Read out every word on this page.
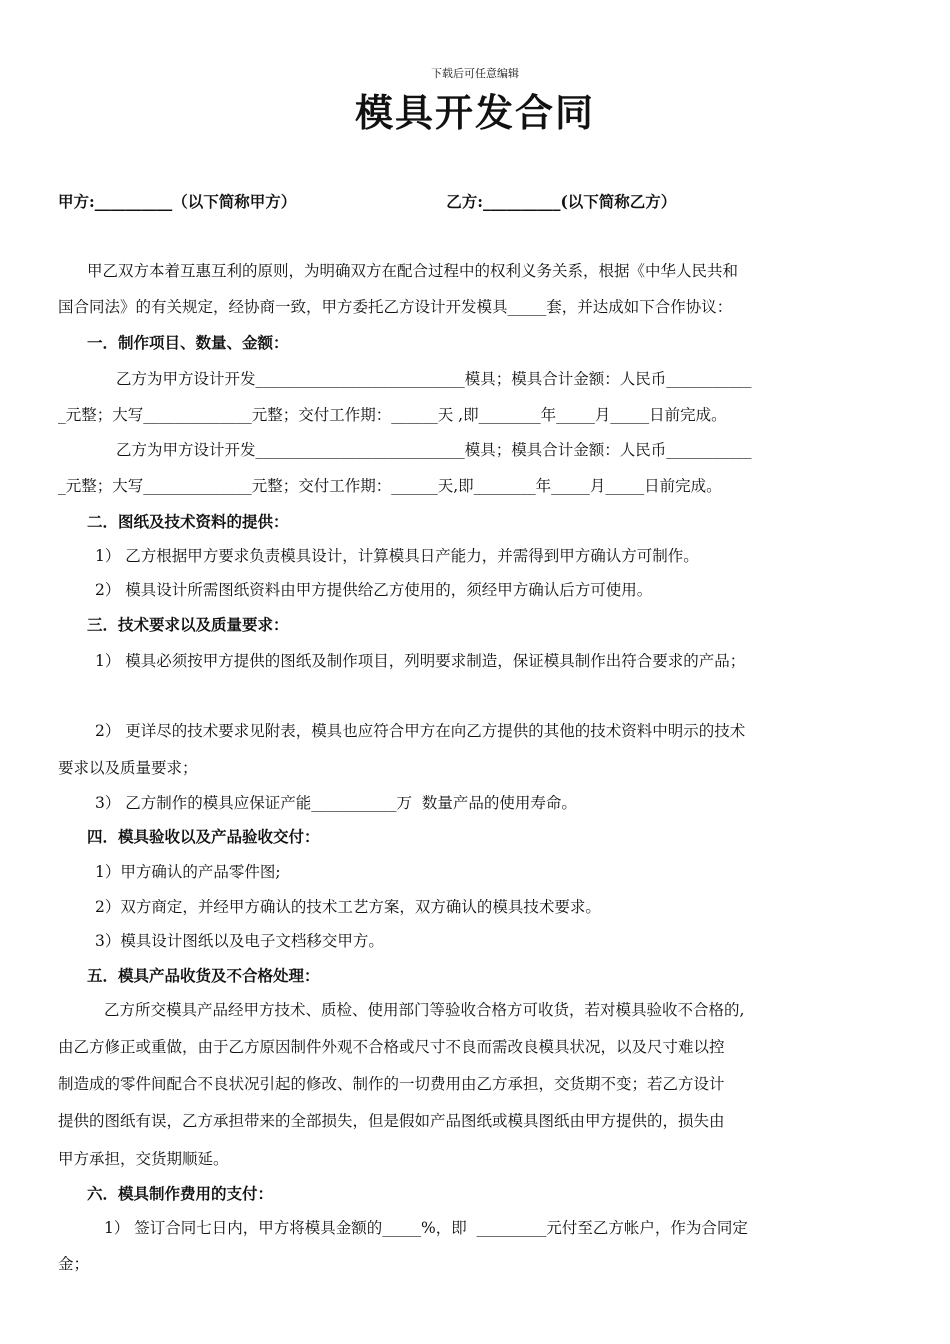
下载后可任意编辑
模具开发合同
甲方:__________（以下简称甲方）	乙方:__________(以下简称乙方）
甲乙双方本着互惠互利的原则，为明确双方在配合过程中的权利义务关系，根据《中华人民共和
国合同法》的有关规定，经协商一致，甲方委托乙方设计开发模具_____套，并达成如下合作协议：
一．制作项目、数量、金额：
乙方为甲方设计开发___________________________模具；模具合计金额：人民币___________
_元整；大写______________元整；交付工作期：______天 ,即________年_____月_____日前完成。
乙方为甲方设计开发___________________________模具；模具合计金额：人民币___________
_元整；大写______________元整；交付工作期：______天,即________年_____月_____日前完成。
二．图纸及技术资料的提供：
1） 乙方根据甲方要求负责模具设计，计算模具日产能力，并需得到甲方确认方可制作。
2） 模具设计所需图纸资料由甲方提供给乙方使用的，须经甲方确认后方可使用。
三．技术要求以及质量要求：
1） 模具必须按甲方提供的图纸及制作项目，列明要求制造，保证模具制作出符合要求的产品；
2） 更详尽的技术要求见附表，模具也应符合甲方在向乙方提供的其他的技术资料中明示的技术
要求以及质量要求；
3） 乙方制作的模具应保证产能___________万  数量产品的使用寿命。
四．模具验收以及产品验收交付：
1）甲方确认的产品零件图;
2）双方商定，并经甲方确认的技术工艺方案，双方确认的模具技术要求。
3）模具设计图纸以及电子文档移交甲方。
五．模具产品收货及不合格处理：
乙方所交模具产品经甲方技术、质检、使用部门等验收合格方可收货，若对模具验收不合格的,
由乙方修正或重做，由于乙方原因制件外观不合格或尺寸不良而需改良模具状况，以及尺寸难以控
制造成的零件间配合不良状况引起的修改、制作的一切费用由乙方承担，交货期不变；若乙方设计
提供的图纸有误，乙方承担带来的全部损失，但是假如产品图纸或模具图纸由甲方提供的，损失由
甲方承担，交货期顺延。
六．模具制作费用的支付：
1） 签订合同七日内，甲方将模具金额的_____%，即  _________元付至乙方帐户，作为合同定
金；
